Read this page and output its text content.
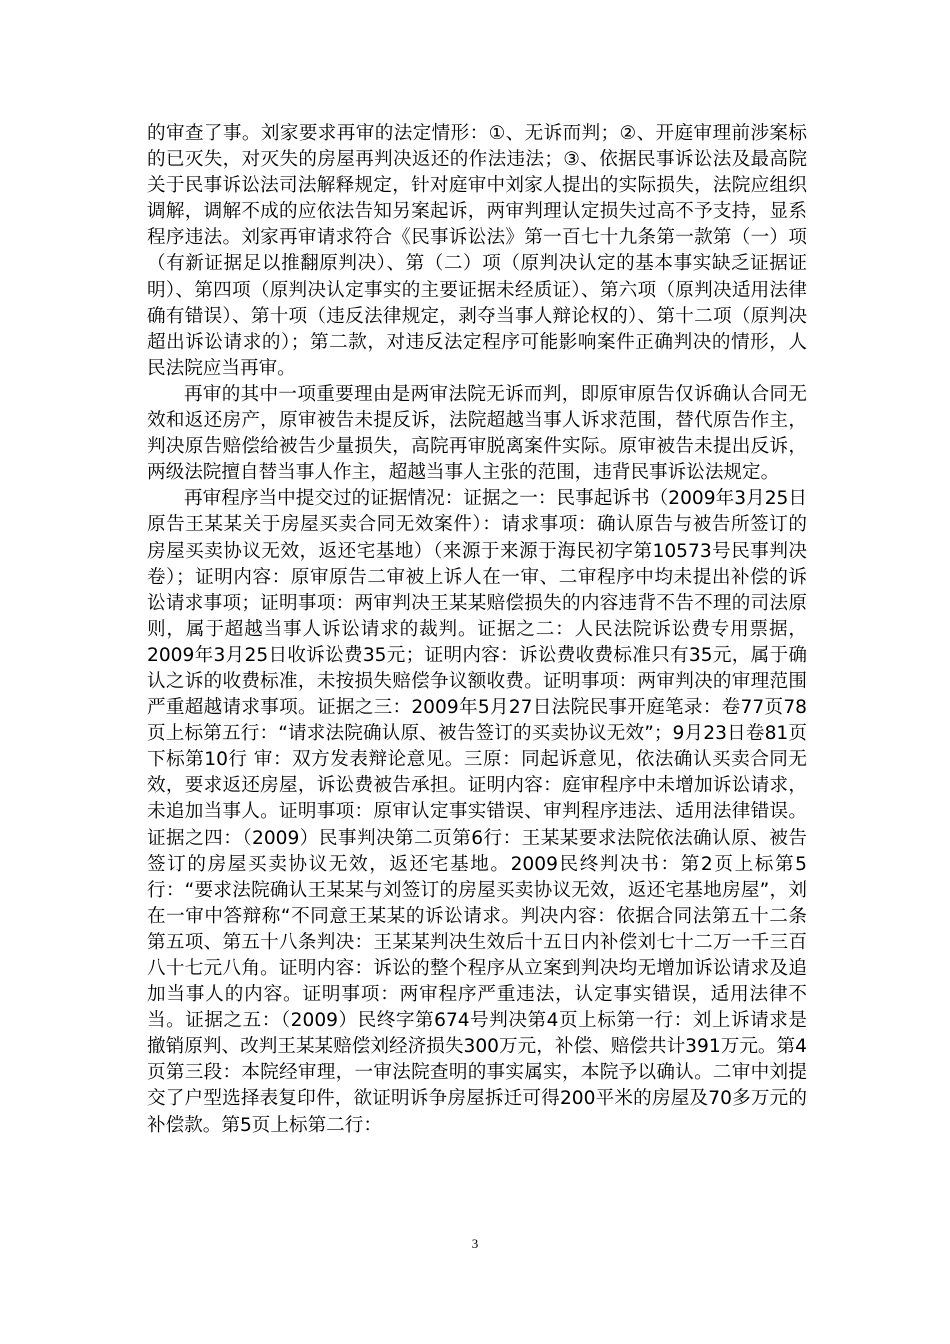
的审查了事。刘家要求再审的法定情形：①、无诉而判；②、开庭审理前涉案标的已灭失，对灭失的房屋再判决返还的作法违法；③、依据民事诉讼法及最高院关于民事诉讼法司法解释规定，针对庭审中刘家人提出的实际损失，法院应组织调解，调解不成的应依法告知另案起诉，两审判理认定损失过高不予支持，显系程序违法。刘家再审请求符合《民事诉讼法》第一百七十九条第一款第（一）项（有新证据足以推翻原判决）、第（二）项（原判决认定的基本事实缺乏证据证明）、第四项（原判决认定事实的主要证据未经质证）、第六项（原判决适用法律确有错误）、第十项（违反法律规定，剥夺当事人辩论权的）、第十二项（原判决超出诉讼请求的）；第二款，对违反法定程序可能影响案件正确判决的情形，人民法院应当再审。

再审的其中一项重要理由是两审法院无诉而判，即原审原告仅诉确认合同无效和返还房产，原审被告未提反诉，法院超越当事人诉求范围，替代原告作主，判决原告赔偿给被告少量损失，高院再审脱离案件实际。原审被告未提出反诉，两级法院擅自替当事人作主，超越当事人主张的范围，违背民事诉讼法规定。

再审程序当中提交过的证据情况：证据之一：民事起诉书（2009年3月25日原告王某某关于房屋买卖合同无效案件）：请求事项：确认原告与被告所签订的房屋买卖协议无效，返还宅基地）（来源于来源于海民初字第10573号民事判决卷）；证明内容：原审原告二审被上诉人在一审、二审程序中均未提出补偿的诉讼请求事项；证明事项：两审判决王某某赔偿损失的内容违背不告不理的司法原则，属于超越当事人诉讼请求的裁判。证据之二：人民法院诉讼费专用票据，2009年3月25日收诉讼费35元；证明内容：诉讼费收费标准只有35元，属于确认之诉的收费标准，未按损失赔偿争议额收费。证明事项：两审判决的审理范围严重超越请求事项。证据之三：2009年5月27日法院民事开庭笔录：卷77页78页上标第五行：“请求法院确认原、被告签订的买卖协议无效”；9月23日卷81页下标第10行 审：双方发表辩论意见。三原：同起诉意见，依法确认买卖合同无效，要求返还房屋，诉讼费被告承担。证明内容：庭审程序中未增加诉讼请求，未追加当事人。证明事项：原审认定事实错误、审判程序违法、适用法律错误。证据之四：（2009）民事判决第二页第6行：王某某要求法院依法确认原、被告签订的房屋买卖协议无效，返还宅基地。2009民终判决书：第2页上标第5行：“要求法院确认王某某与刘签订的房屋买卖协议无效，返还宅基地房屋”，刘在一审中答辩称“不同意王某某的诉讼请求。判决内容：依据合同法第五十二条第五项、第五十八条判决：王某某判决生效后十五日内补偿刘七十二万一千三百八十七元八角。证明内容：诉讼的整个程序从立案到判决均无增加诉讼请求及追加当事人的内容。证明事项：两审程序严重违法，认定事实错误，适用法律不当。证据之五：（2009）民终字第674号判决第4页上标第一行：刘上诉请求是撤销原判、改判王某某赔偿刘经济损失300万元，补偿、赔偿共计391万元。第4页第三段：本院经审理，一审法院查明的事实属实，本院予以确认。二审中刘提交了户型选择表复印件，欲证明诉争房屋拆迁可得200平米的房屋及70多万元的补偿款。第5页上标第二行：

3
